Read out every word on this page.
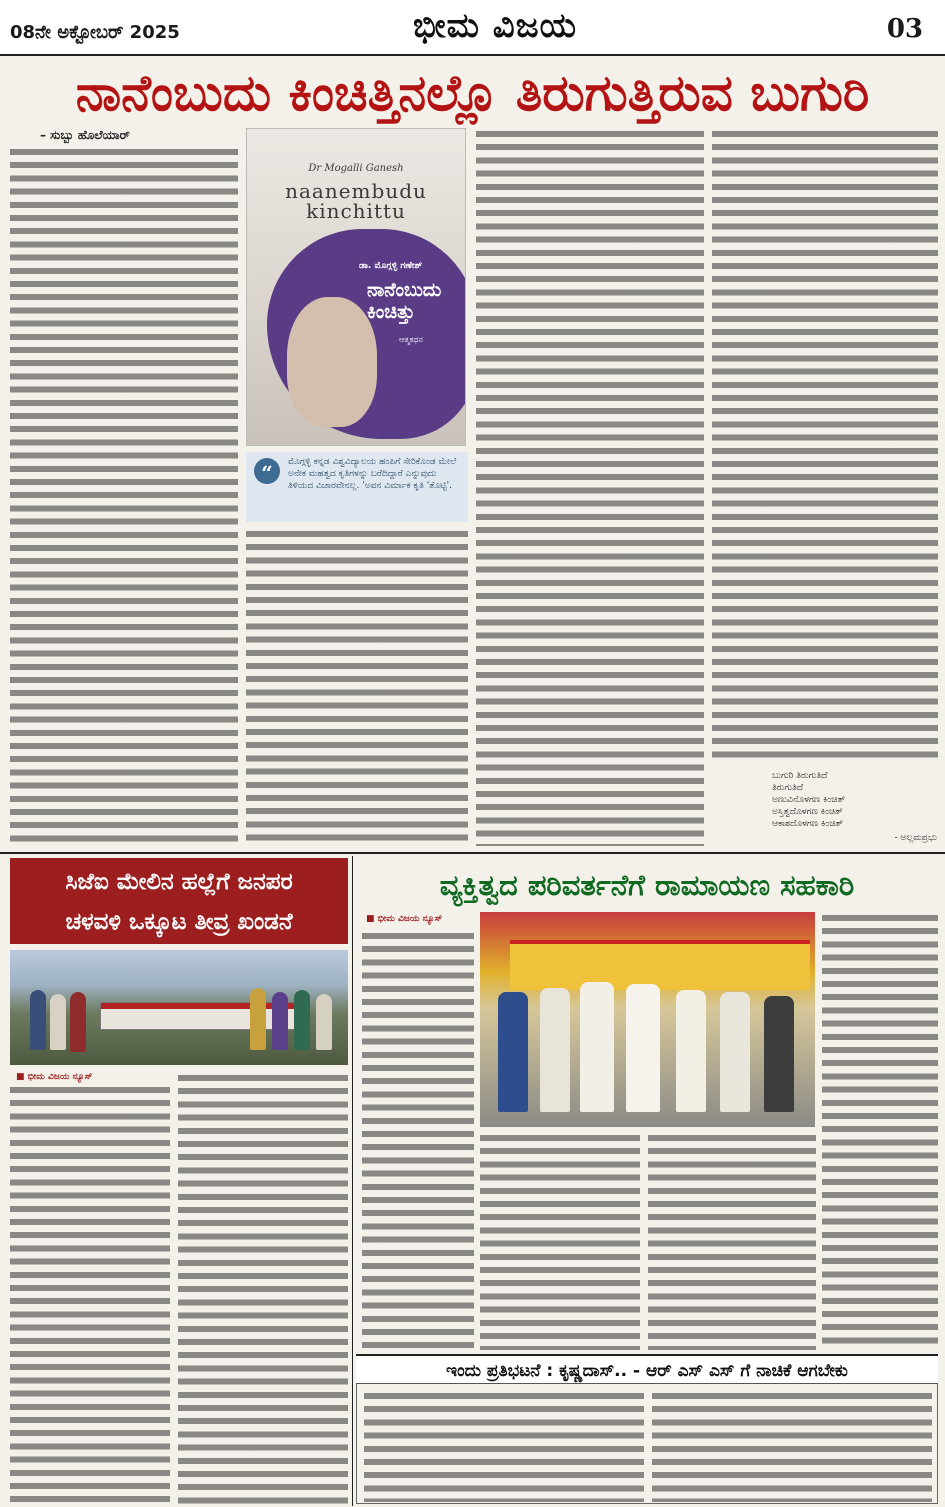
08ನೇ ಅಕ್ಟೋಬರ್ 2025	ಭೀಮ ವಿಜಯ	03
ನಾನೆಂಬುದು ಕಿಂಚಿತ್ತಿನಲ್ಲೊ ತಿರುಗುತ್ತಿರುವ ಬುಗುರಿ
– ಸುಬ್ಬು ಹೊಲೆಯಾರ್
Dr Mogalli Ganesh
naanembudu
kinchittu
ಡಾ. ಮೊಗ್ಗಳ್ಳಿ ಗಣೇಶ್
ನಾನೆಂಬುದು
ಕಿಂಚಿತ್ತು
ಆತ್ಮಕಥನ
“	ಮೊಗ್ಗಳ್ಳಿ ಕನ್ನಡ ವಿಶ್ವವಿದ್ಯಾಲಯ ಹಂಪಿಗೆ ಸೇರಿಕೊಂಡ ಮೇಲೆ ಅನೇಕ ಮಹತ್ವದ ಕೃತಿಗಳನ್ನು ಬರೆದಿದ್ದಾರೆ ಎನ್ನುವುದು ತಿಳಿಯದ ವಿಚಾರವೇನಲ್ಲ. 'ಅವನ ವಿರ್ಮಾಕ ಕೃತಿ 'ತೊಟ್ಟಿ'.
ಬುಗುರಿ ತಿರುಗುತಿದೆ
ತಿರುಗುತಿದೆ
ಅಣುವಿನೊಳಗಣ ಕಿಂಚಿತ್
ಅಸ್ತಿತ್ವದೊಳಗಣ ಕಿಂಚಿತ್
ಆಕಾಶದೊಳಗಣ ಕಿಂಚಿತ್
- ಅಲ್ಲಮಪ್ರಭು
ಸಿಜೆಐ ಮೇಲಿನ ಹಲ್ಲೆಗೆ ಜನಪರ
ಚಳವಳಿ ಒಕ್ಕೂಟ ತೀವ್ರ ಖಂಡನೆ
■ ಭೀಮ ವಿಜಯ ನ್ಯೂಸ್
ವ್ಯಕ್ತಿತ್ವದ ಪರಿವರ್ತನೆಗೆ ರಾಮಾಯಣ ಸಹಕಾರಿ
■ ಭೀಮ ವಿಜಯ ನ್ಯೂಸ್
ಇಂದು ಪ್ರತಿಭಟನೆ : ಕೃಷ್ಣದಾಸ್.. - ಆರ್ ಎಸ್ ಎಸ್ ಗೆ ನಾಚಿಕೆ ಆಗಬೇಕು
